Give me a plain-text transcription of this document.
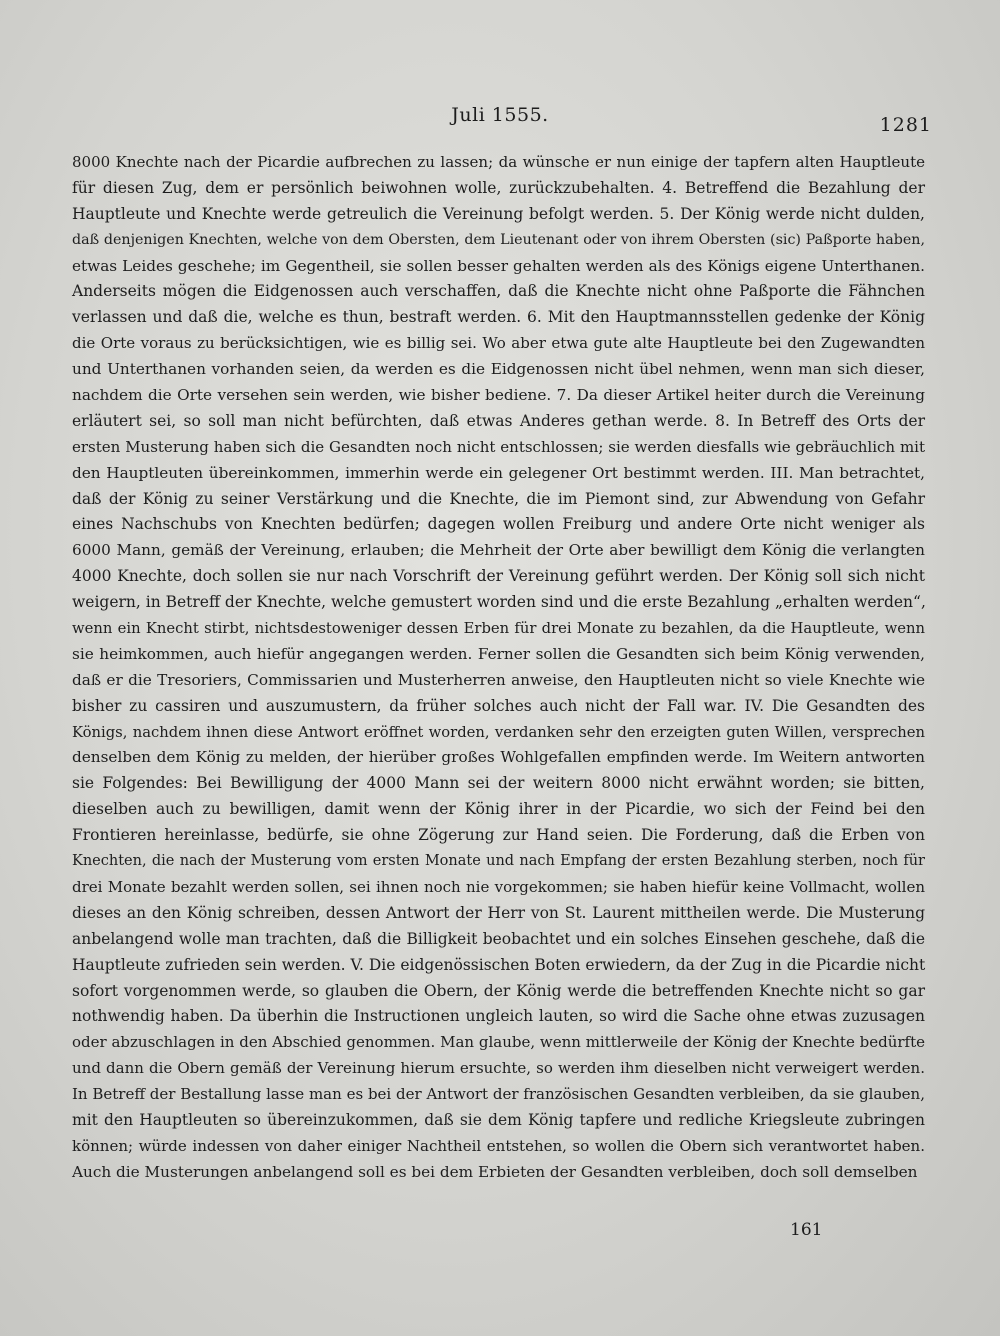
Juli 1555.	1281
8000 Knechte nach der Picardie aufbrechen zu lassen; da wünsche er nun einige der tapfern alten Hauptleute
für diesen Zug, dem er persönlich beiwohnen wolle, zurückzubehalten. 4. Betreffend die Bezahlung der
Hauptleute und Knechte werde getreulich die Vereinung befolgt werden. 5. Der König werde nicht dulden,
daß denjenigen Knechten, welche von dem Obersten, dem Lieutenant oder von ihrem Obersten (sic) Paßporte haben,
etwas Leides geschehe; im Gegentheil, sie sollen besser gehalten werden als des Königs eigene Unterthanen.
Anderseits mögen die Eidgenossen auch verschaffen, daß die Knechte nicht ohne Paßporte die Fähnchen
verlassen und daß die, welche es thun, bestraft werden. 6. Mit den Hauptmannsstellen gedenke der König
die Orte voraus zu berücksichtigen, wie es billig sei. Wo aber etwa gute alte Hauptleute bei den Zugewandten
und Unterthanen vorhanden seien, da werden es die Eidgenossen nicht übel nehmen, wenn man sich dieser,
nachdem die Orte versehen sein werden, wie bisher bediene. 7. Da dieser Artikel heiter durch die Vereinung
erläutert sei, so soll man nicht befürchten, daß etwas Anderes gethan werde. 8. In Betreff des Orts der
ersten Musterung haben sich die Gesandten noch nicht entschlossen; sie werden diesfalls wie gebräuchlich mit
den Hauptleuten übereinkommen, immerhin werde ein gelegener Ort bestimmt werden. III. Man betrachtet,
daß der König zu seiner Verstärkung und die Knechte, die im Piemont sind, zur Abwendung von Gefahr
eines Nachschubs von Knechten bedürfen; dagegen wollen Freiburg und andere Orte nicht weniger als
6000 Mann, gemäß der Vereinung, erlauben; die Mehrheit der Orte aber bewilligt dem König die verlangten
4000 Knechte, doch sollen sie nur nach Vorschrift der Vereinung geführt werden. Der König soll sich nicht
weigern, in Betreff der Knechte, welche gemustert worden sind und die erste Bezahlung „erhalten werden“,
wenn ein Knecht stirbt, nichtsdestoweniger dessen Erben für drei Monate zu bezahlen, da die Hauptleute, wenn
sie heimkommen, auch hiefür angegangen werden. Ferner sollen die Gesandten sich beim König verwenden,
daß er die Tresoriers, Commissarien und Musterherren anweise, den Hauptleuten nicht so viele Knechte wie
bisher zu cassiren und auszumustern, da früher solches auch nicht der Fall war. IV. Die Gesandten des
Königs, nachdem ihnen diese Antwort eröffnet worden, verdanken sehr den erzeigten guten Willen, versprechen
denselben dem König zu melden, der hierüber großes Wohlgefallen empfinden werde. Im Weitern antworten
sie Folgendes: Bei Bewilligung der 4000 Mann sei der weitern 8000 nicht erwähnt worden; sie bitten,
dieselben auch zu bewilligen, damit wenn der König ihrer in der Picardie, wo sich der Feind bei den
Frontieren hereinlasse, bedürfe, sie ohne Zögerung zur Hand seien. Die Forderung, daß die Erben von
Knechten, die nach der Musterung vom ersten Monate und nach Empfang der ersten Bezahlung sterben, noch für
drei Monate bezahlt werden sollen, sei ihnen noch nie vorgekommen; sie haben hiefür keine Vollmacht, wollen
dieses an den König schreiben, dessen Antwort der Herr von St. Laurent mittheilen werde. Die Musterung
anbelangend wolle man trachten, daß die Billigkeit beobachtet und ein solches Einsehen geschehe, daß die
Hauptleute zufrieden sein werden. V. Die eidgenössischen Boten erwiedern, da der Zug in die Picardie nicht
sofort vorgenommen werde, so glauben die Obern, der König werde die betreffenden Knechte nicht so gar
nothwendig haben. Da überhin die Instructionen ungleich lauten, so wird die Sache ohne etwas zuzusagen
oder abzuschlagen in den Abschied genommen. Man glaube, wenn mittlerweile der König der Knechte bedürfte
und dann die Obern gemäß der Vereinung hierum ersuchte, so werden ihm dieselben nicht verweigert werden.
In Betreff der Bestallung lasse man es bei der Antwort der französischen Gesandten verbleiben, da sie glauben,
mit den Hauptleuten so übereinzukommen, daß sie dem König tapfere und redliche Kriegsleute zubringen
können; würde indessen von daher einiger Nachtheil entstehen, so wollen die Obern sich verantwortet haben.
Auch die Musterungen anbelangend soll es bei dem Erbieten der Gesandten verbleiben, doch soll demselben
161
